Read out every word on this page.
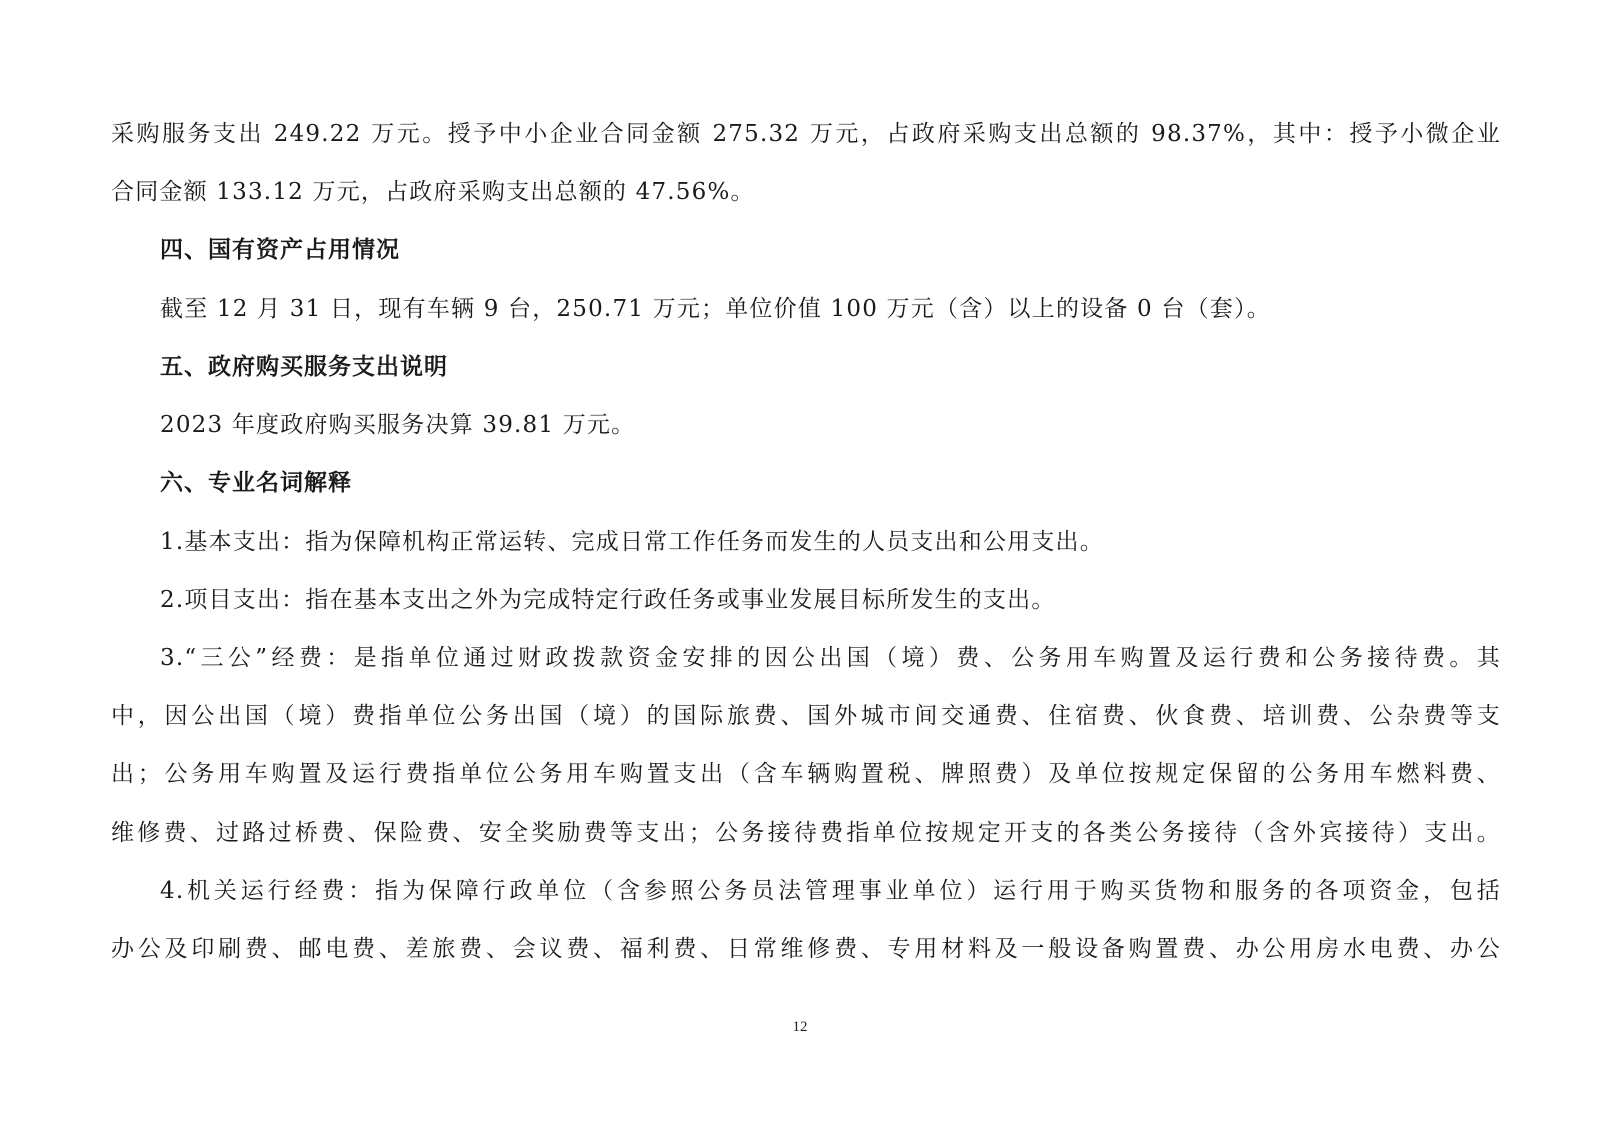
采购服务支出 249.22 万元。授予中小企业合同金额 275.32 万元，占政府采购支出总额的 98.37%，其中：授予小微企业
合同金额 133.12 万元，占政府采购支出总额的 47.56%。
四、国有资产占用情况
截至 12 月 31 日，现有车辆 9 台，250.71 万元；单位价值 100 万元（含）以上的设备 0 台（套）。
五、政府购买服务支出说明
2023 年度政府购买服务决算 39.81 万元。
六、专业名词解释
1.基本支出：指为保障机构正常运转、完成日常工作任务而发生的人员支出和公用支出。
2.项目支出：指在基本支出之外为完成特定行政任务或事业发展目标所发生的支出。
3.“三公”经费：是指单位通过财政拨款资金安排的因公出国（境）费、公务用车购置及运行费和公务接待费。其
中，因公出国（境）费指单位公务出国（境）的国际旅费、国外城市间交通费、住宿费、伙食费、培训费、公杂费等支
出；公务用车购置及运行费指单位公务用车购置支出（含车辆购置税、牌照费）及单位按规定保留的公务用车燃料费、
维修费、过路过桥费、保险费、安全奖励费等支出；公务接待费指单位按规定开支的各类公务接待（含外宾接待）支出。
4.机关运行经费：指为保障行政单位（含参照公务员法管理事业单位）运行用于购买货物和服务的各项资金，包括
办公及印刷费、邮电费、差旅费、会议费、福利费、日常维修费、专用材料及一般设备购置费、办公用房水电费、办公
12
